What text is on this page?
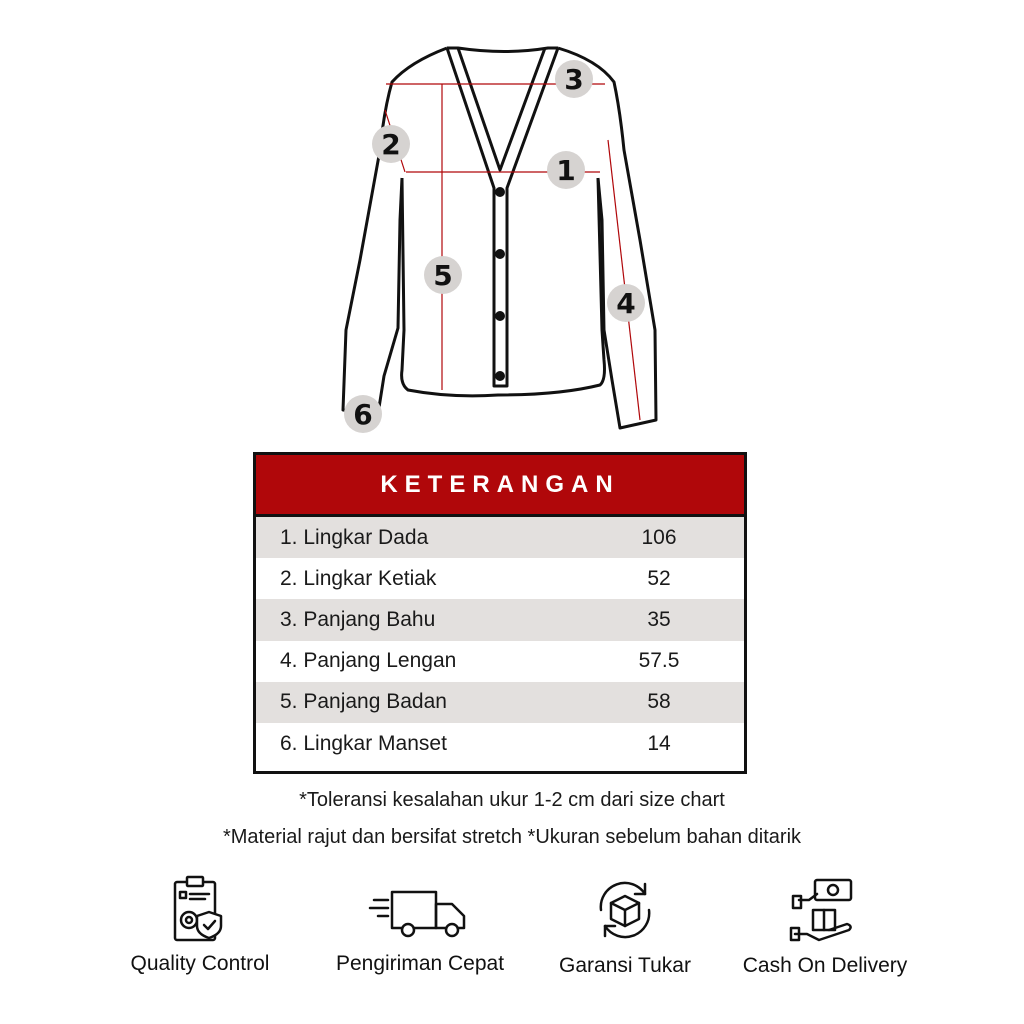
1
2
3
4
5
6
KETERANGAN
1. Lingkar Dada	106
2. Lingkar Ketiak	52
3. Panjang Bahu	35
4. Panjang Lengan	57.5
5. Panjang Badan	58
6. Lingkar Manset	14
*Toleransi kesalahan ukur 1-2 cm dari size chart
*Material rajut dan bersifat stretch *Ukuran sebelum bahan ditarik
Quality Control	Pengiriman Cepat	Garansi Tukar	Cash On Delivery
